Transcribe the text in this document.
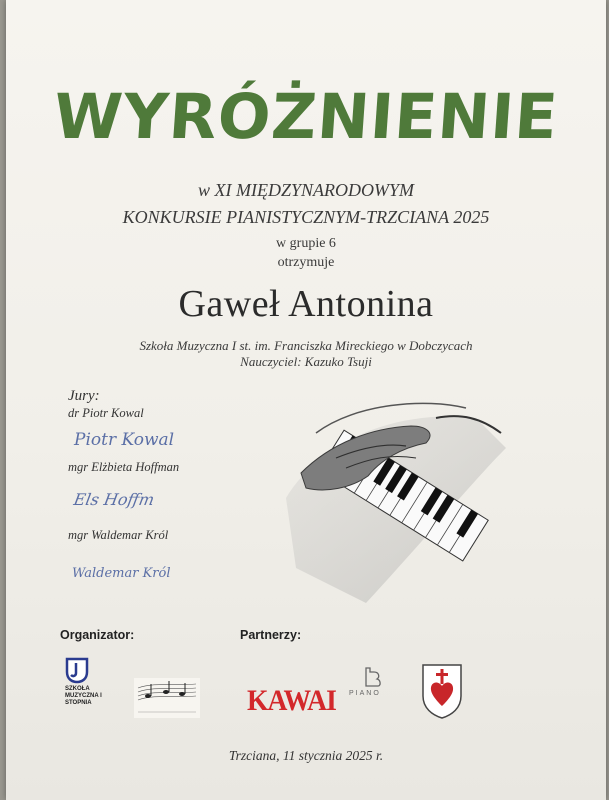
WYRÓŻNIENIE
w XI MIĘDZYNARODOWYM
KONKURSIE PIANISTYCZNYM-TRZCIANA 2025
w grupie 6
otrzymuje
Gaweł Antonina
Szkoła Muzyczna I st. im. Franciszka Mireckiego w Dobczycach
Nauczyciel: Kazuko Tsuji
Jury:
dr Piotr Kowal
Piotr Kowal
mgr Elżbieta Hoffman
Els Hoffm
mgr Waldemar Król
Waldemar Król
Organizator:	Partnerzy:
SZKOŁA MUZYCZNA I STOPNIA	KAWAI PIANO
Trzciana, 11 stycznia 2025 r.
